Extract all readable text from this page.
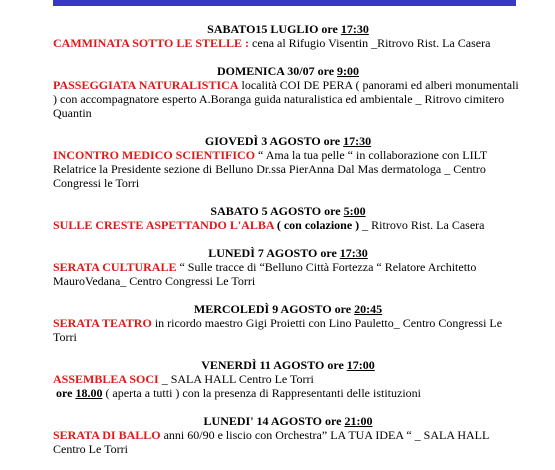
SABATO15 LUGLIO ore 17:30
CAMMINATA SOTTO LE STELLE : cena al Rifugio Visentin _Ritrovo Rist. La Casera
DOMENICA 30/07 ore 9:00
PASSEGGIATA NATURALISTICA località COI DE PERA ( panorami ed alberi monumentali ) con accompagnatore esperto A.Boranga guida naturalistica ed ambientale _ Ritrovo cimitero Quantin
GIOVEDÌ 3 AGOSTO ore 17:30
INCONTRO MEDICO SCIENTIFICO “ Ama la tua pelle “ in collaborazione con LILT Relatrice la Presidente sezione di Belluno Dr.ssa PierAnna Dal Mas dermatologa _ Centro Congressi le Torri
SABATO 5 AGOSTO ore 5:00
SULLE CRESTE ASPETTANDO L'ALBA ( con colazione ) _ Ritrovo Rist. La Casera
LUNEDÌ 7 AGOSTO ore 17:30
SERATA CULTURALE “ Sulle tracce di “Belluno Città Fortezza “ Relatore Architetto MauroVedana_ Centro Congressi Le Torri
MERCOLEDÌ 9 AGOSTO ore 20:45
SERATA TEATRO in ricordo maestro Gigi Proietti con Lino Pauletto_ Centro Congressi Le Torri
VENERDÌ 11 AGOSTO ore 17:00
ASSEMBLEA SOCI _ SALA HALL Centro Le Torri
ore 18.00 ( aperta a tutti ) con la presenza di Rappresentanti delle istituzioni
LUNEDI' 14 AGOSTO ore 21:00
SERATA DI BALLO anni 60/90 e liscio con Orchestra” LA TUA IDEA “ _ SALA HALL Centro Le Torri
